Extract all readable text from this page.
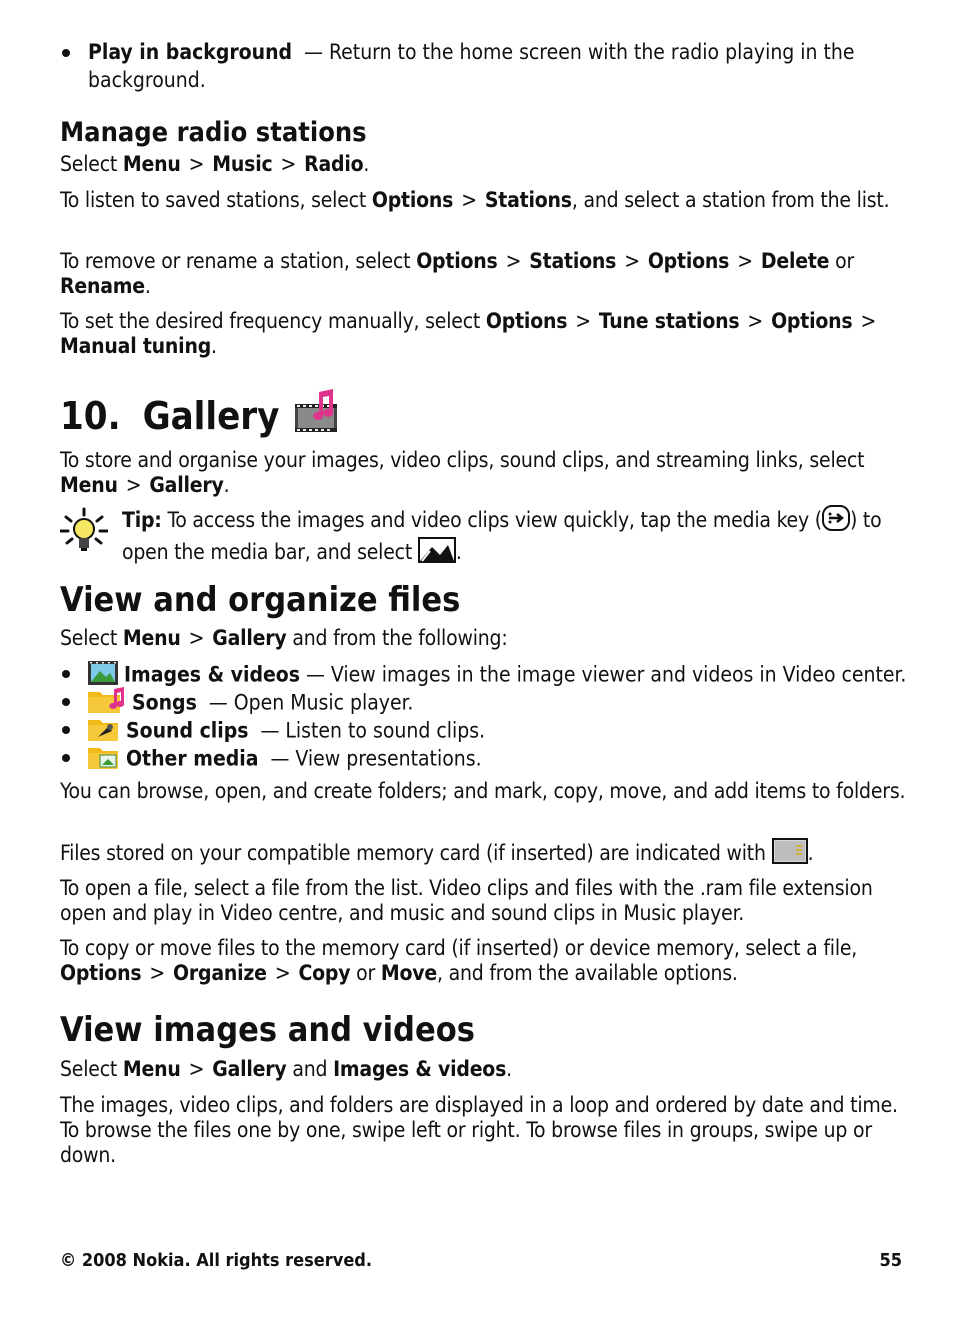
Play in background — Return to the home screen with the radio playing in the background.
Manage radio stations
Select Menu > Music > Radio.
To listen to saved stations, select Options > Stations, and select a station from the list.
To remove or rename a station, select Options > Stations > Options > Delete or Rename.
To set the desired frequency manually, select Options > Tune stations > Options > Manual tuning.
10. Gallery
To store and organise your images, video clips, sound clips, and streaming links, select Menu > Gallery.
Tip: To access the images and video clips view quickly, tap the media key ( ) to open the media bar, and select .
View and organize files
Select Menu > Gallery and from the following:
Images & videos — View images in the image viewer and videos in Video center.
Songs — Open Music player.
Sound clips — Listen to sound clips.
Other media — View presentations.
You can browse, open, and create folders; and mark, copy, move, and add items to folders.
Files stored on your compatible memory card (if inserted) are indicated with .
To open a file, select a file from the list. Video clips and files with the .ram file extension open and play in Video centre, and music and sound clips in Music player.
To copy or move files to the memory card (if inserted) or device memory, select a file, Options > Organize > Copy or Move, and from the available options.
View images and videos
Select Menu > Gallery and Images & videos.
The images, video clips, and folders are displayed in a loop and ordered by date and time. To browse the files one by one, swipe left or right. To browse files in groups, swipe up or down.
© 2008 Nokia. All rights reserved.	55
